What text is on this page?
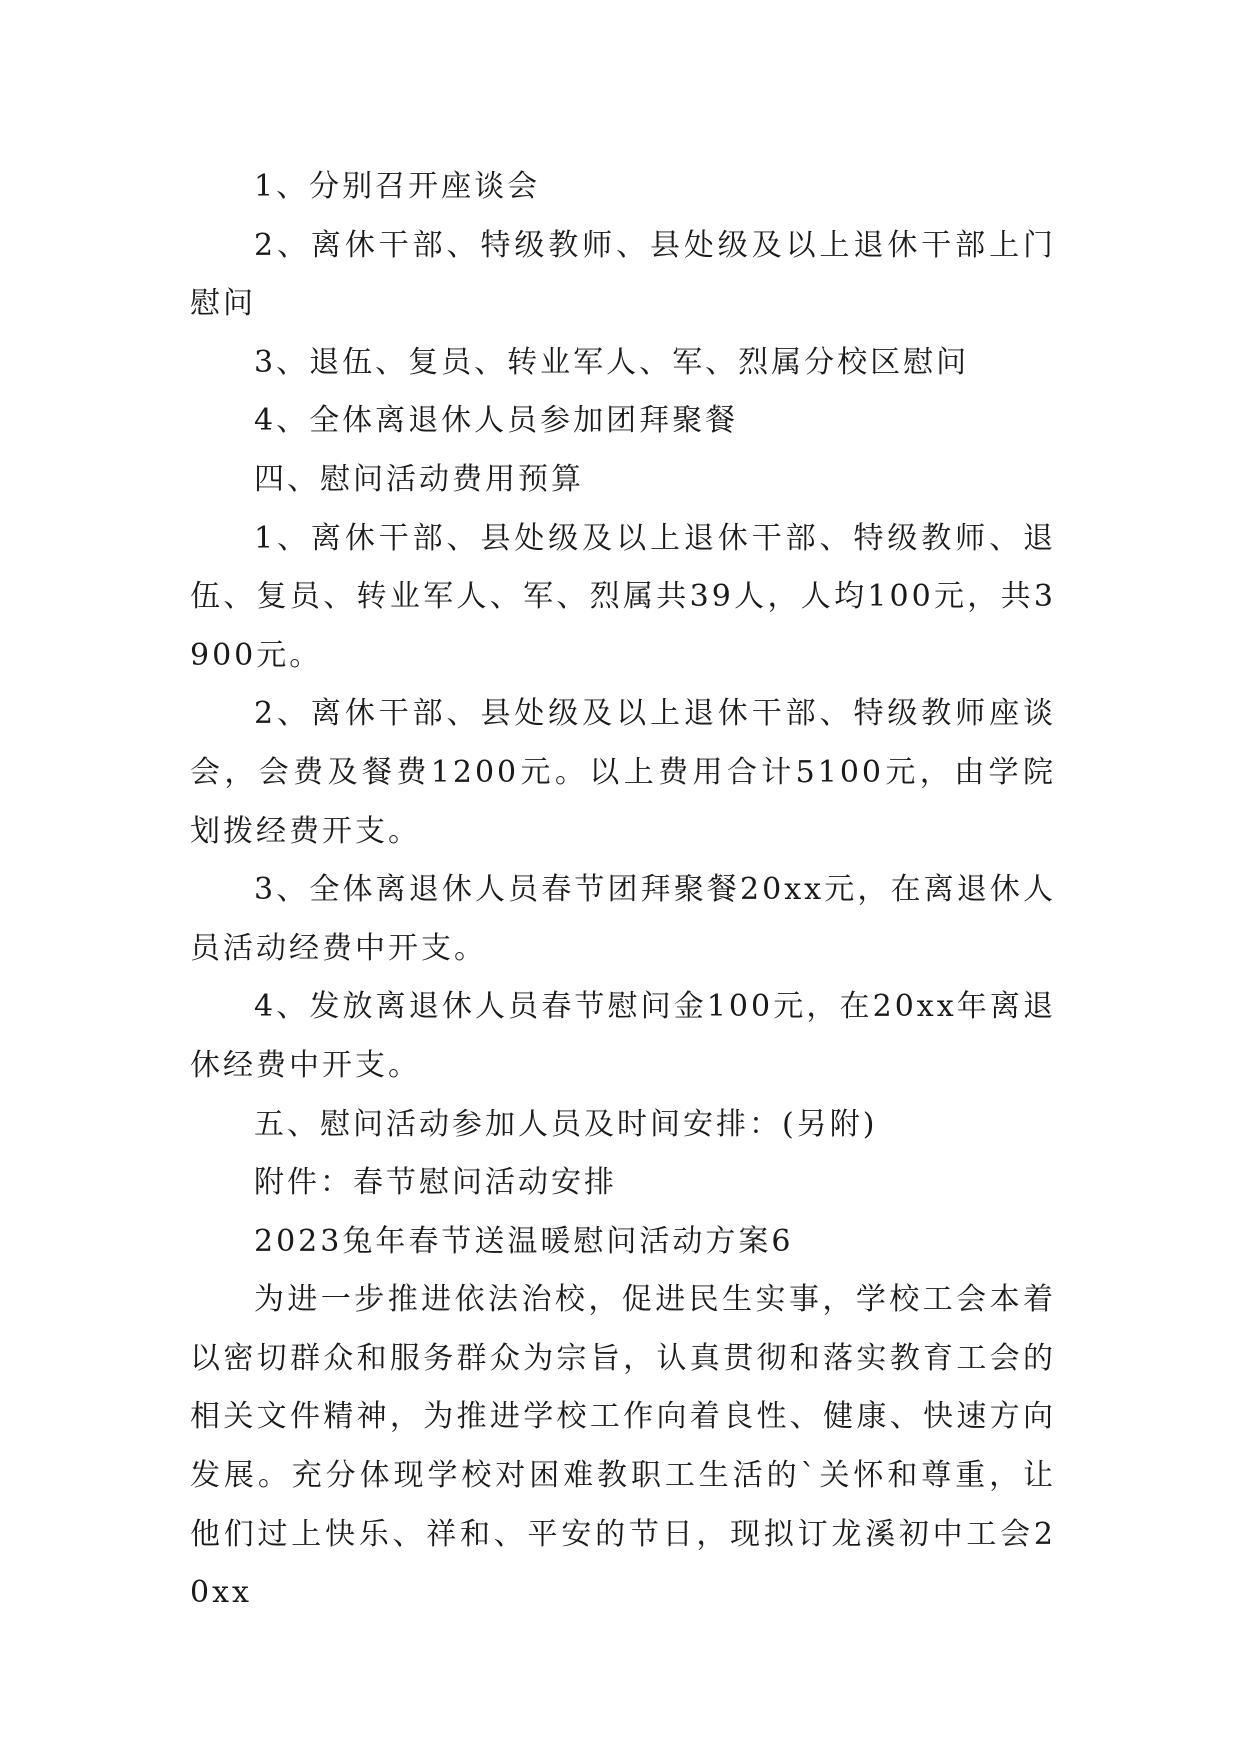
1、分别召开座谈会

2、离休干部、特级教师、县处级及以上退休干部上门慰问

3、退伍、复员、转业军人、军、烈属分校区慰问

4、全体离退休人员参加团拜聚餐

四、慰问活动费用预算

1、离休干部、县处级及以上退休干部、特级教师、退伍、复员、转业军人、军、烈属共39人，人均100元，共3900元。

2、离休干部、县处级及以上退休干部、特级教师座谈会，会费及餐费1200元。以上费用合计5100元，由学院划拨经费开支。

3、全体离退休人员春节团拜聚餐20xx元，在离退休人员活动经费中开支。

4、发放离退休人员春节慰问金100元，在20xx年离退休经费中开支。

五、慰问活动参加人员及时间安排：(另附)

附件：春节慰问活动安排

2023兔年春节送温暖慰问活动方案6

为进一步推进依法治校，促进民生实事，学校工会本着以密切群众和服务群众为宗旨，认真贯彻和落实教育工会的相关文件精神，为推进学校工作向着良性、健康、快速方向发展。充分体现学校对困难教职工生活的`关怀和尊重，让他们过上快乐、祥和、平安的节日，现拟订龙溪初中工会20xx
